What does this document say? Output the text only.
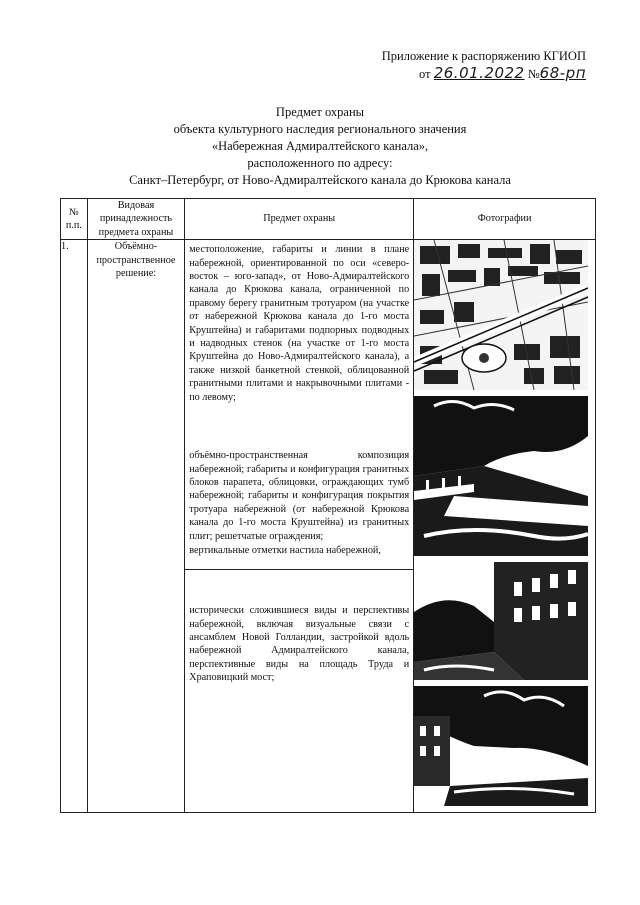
Приложение к распоряжению КГИОП
от 26.01.2022 №68-рп
Предмет охраны
объекта культурного наследия регионального значения
«Набережная Адмиралтейского канала»,
расположенного по адресу:
Санкт–Петербург, от Ново-Адмиралтейского канала до Крюкова канала
№ п.п.	Видовая принадлежность предмета охраны	Предмет охраны	Фотографии
1.	Объёмно-пространственное решение:	местоположение, габариты и линии в плане набережной, ориентированной по оси «северо-восток – юго-запад», от Ново-Адмиралтейского канала до Крюкова канала, ограниченной по правому берегу гранитным тротуаром (на участке от набережной Крюкова канала до 1-го моста Круштейна) и габаритами подпорных подводных и надводных стенок (на участке от 1-го моста Круштейна до Ново-Адмиралтейского канала), а также низкой банкетной стенкой, облицованной гранитными плитами и накрывочными плитами - по левому;
объёмно-пространственная композиция набережной; габариты и конфигурация гранитных блоков парапета, облицовки, ограждающих тумб набережной; габариты и конфигурация покрытия тротуара набережной (от набережной Крюкова канала до 1-го моста Круштейна) из гранитных плит; решетчатые ограждения;
вертикальные отметки настила набережной,
исторически сложившиеся виды и перспективы набережной, включая визуальные связи с ансамблем Новой Голландии, застройкой вдоль набережной Адмиралтейского канала, перспективные виды на площадь Труда и Храповицкий мост;
